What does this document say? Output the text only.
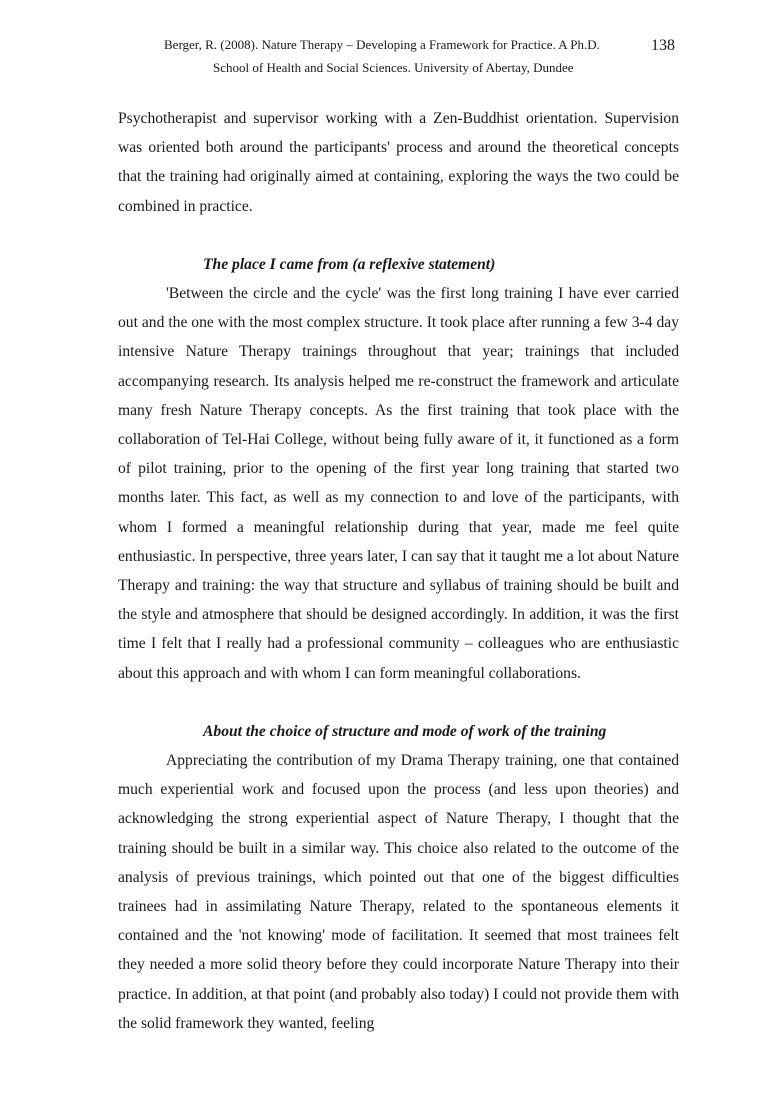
Berger, R. (2008). Nature Therapy – Developing a Framework for Practice. A Ph.D.	138
School of Health and Social Sciences. University of Abertay, Dundee

Psychotherapist and supervisor working with a Zen-Buddhist orientation. Supervision was oriented both around the participants' process and around the theoretical concepts that the training had originally aimed at containing, exploring the ways the two could be combined in practice.

The place I came from (a reflexive statement)

'Between the circle and the cycle' was the first long training I have ever carried out and the one with the most complex structure. It took place after running a few 3-4 day intensive Nature Therapy trainings throughout that year; trainings that included accompanying research. Its analysis helped me re-construct the framework and articulate many fresh Nature Therapy concepts. As the first training that took place with the collaboration of Tel-Hai College, without being fully aware of it, it functioned as a form of pilot training, prior to the opening of the first year long training that started two months later. This fact, as well as my connection to and love of the participants, with whom I formed a meaningful relationship during that year, made me feel quite enthusiastic. In perspective, three years later, I can say that it taught me a lot about Nature Therapy and training: the way that structure and syllabus of training should be built and the style and atmosphere that should be designed accordingly. In addition, it was the first time I felt that I really had a professional community – colleagues who are enthusiastic about this approach and with whom I can form meaningful collaborations.

About the choice of structure and mode of work of the training

Appreciating the contribution of my Drama Therapy training, one that contained much experiential work and focused upon the process (and less upon theories) and acknowledging the strong experiential aspect of Nature Therapy, I thought that the training should be built in a similar way. This choice also related to the outcome of the analysis of previous trainings, which pointed out that one of the biggest difficulties trainees had in assimilating Nature Therapy, related to the spontaneous elements it contained and the 'not knowing' mode of facilitation. It seemed that most trainees felt they needed a more solid theory before they could incorporate Nature Therapy into their practice. In addition, at that point (and probably also today) I could not provide them with the solid framework they wanted, feeling
